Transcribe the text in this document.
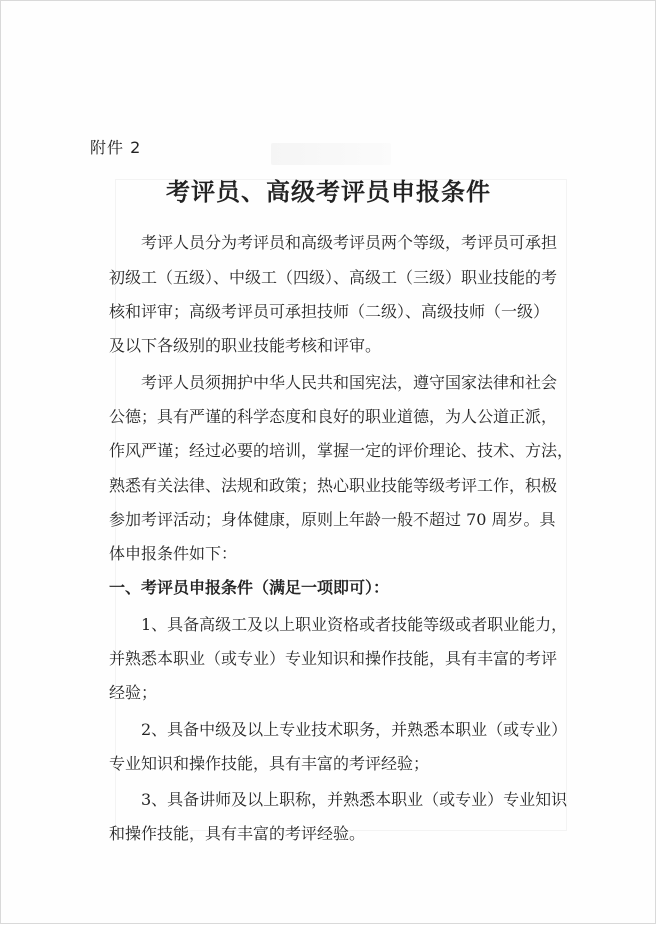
附件 2
考评员、高级考评员申报条件
考评人员分为考评员和高级考评员两个等级，考评员可承担
初级工（五级）、中级工（四级）、高级工（三级）职业技能的考
核和评审；高级考评员可承担技师（二级）、高级技师（一级）
及以下各级别的职业技能考核和评审。
考评人员须拥护中华人民共和国宪法，遵守国家法律和社会
公德；具有严谨的科学态度和良好的职业道德，为人公道正派，
作风严谨；经过必要的培训，掌握一定的评价理论、技术、方法，
熟悉有关法律、法规和政策；热心职业技能等级考评工作，积极
参加考评活动；身体健康，原则上年龄一般不超过 70 周岁。具
体申报条件如下：
一、考评员申报条件（满足一项即可）：
1、具备高级工及以上职业资格或者技能等级或者职业能力，
并熟悉本职业（或专业）专业知识和操作技能，具有丰富的考评
经验；
2、具备中级及以上专业技术职务，并熟悉本职业（或专业）
专业知识和操作技能，具有丰富的考评经验；
3、具备讲师及以上职称，并熟悉本职业（或专业）专业知识
和操作技能，具有丰富的考评经验。
